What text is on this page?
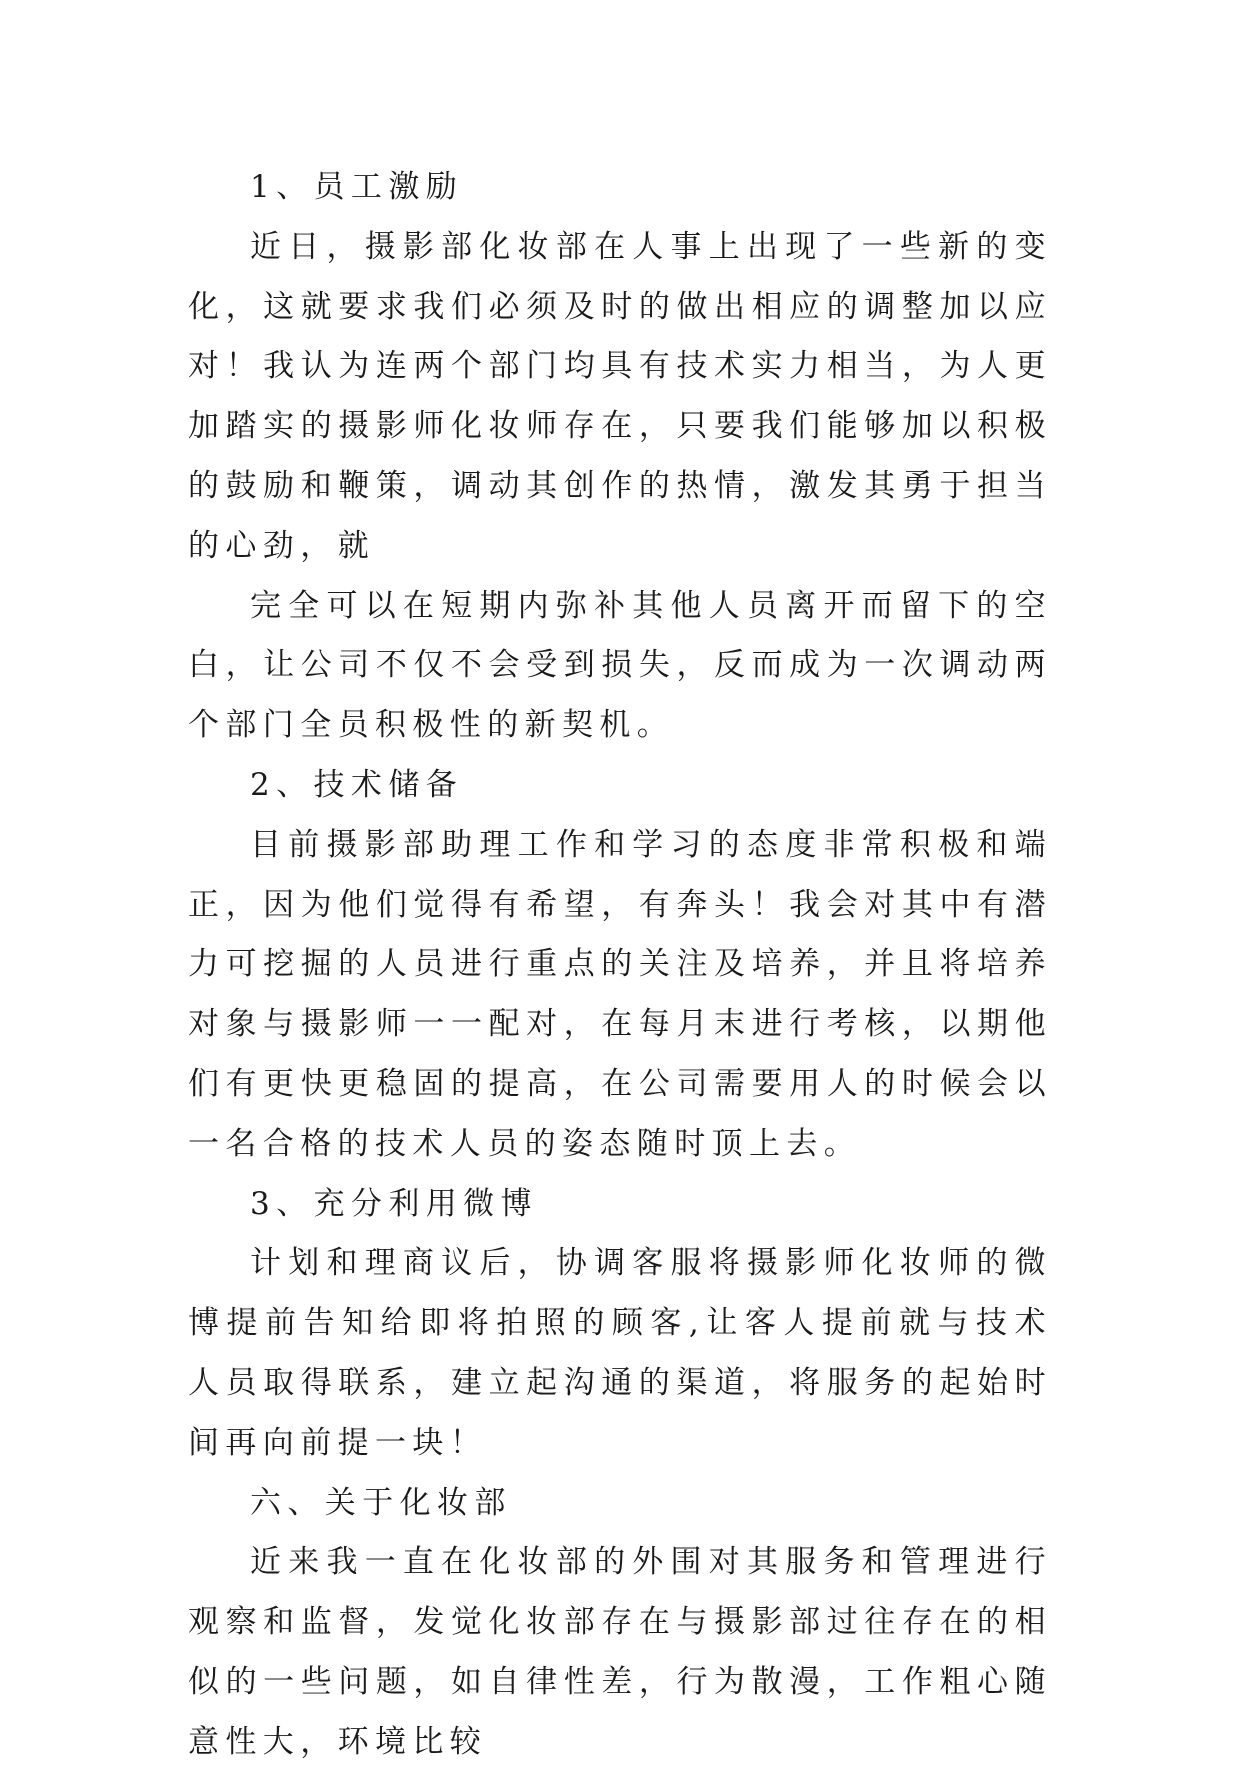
1、员工激励

近日，摄影部化妆部在人事上出现了一些新的变化，这就要求我们必须及时的做出相应的调整加以应对！我认为连两个部门均具有技术实力相当，为人更加踏实的摄影师化妆师存在，只要我们能够加以积极的鼓励和鞭策，调动其创作的热情，激发其勇于担当的心劲，就

完全可以在短期内弥补其他人员离开而留下的空白，让公司不仅不会受到损失，反而成为一次调动两个部门全员积极性的新契机。

2、技术储备

目前摄影部助理工作和学习的态度非常积极和端正，因为他们觉得有希望，有奔头！我会对其中有潜力可挖掘的人员进行重点的关注及培养，并且将培养对象与摄影师一一配对，在每月末进行考核，以期他们有更快更稳固的提高，在公司需要用人的时候会以一名合格的技术人员的姿态随时顶上去。

3、充分利用微博

计划和理商议后，协调客服将摄影师化妆师的微博提前告知给即将拍照的顾客,让客人提前就与技术人员取得联系，建立起沟通的渠道，将服务的起始时间再向前提一块！

六、关于化妆部

近来我一直在化妆部的外围对其服务和管理进行观察和监督，发觉化妆部存在与摄影部过往存在的相似的一些问题，如自律性差，行为散漫，工作粗心随意性大，环境比较
